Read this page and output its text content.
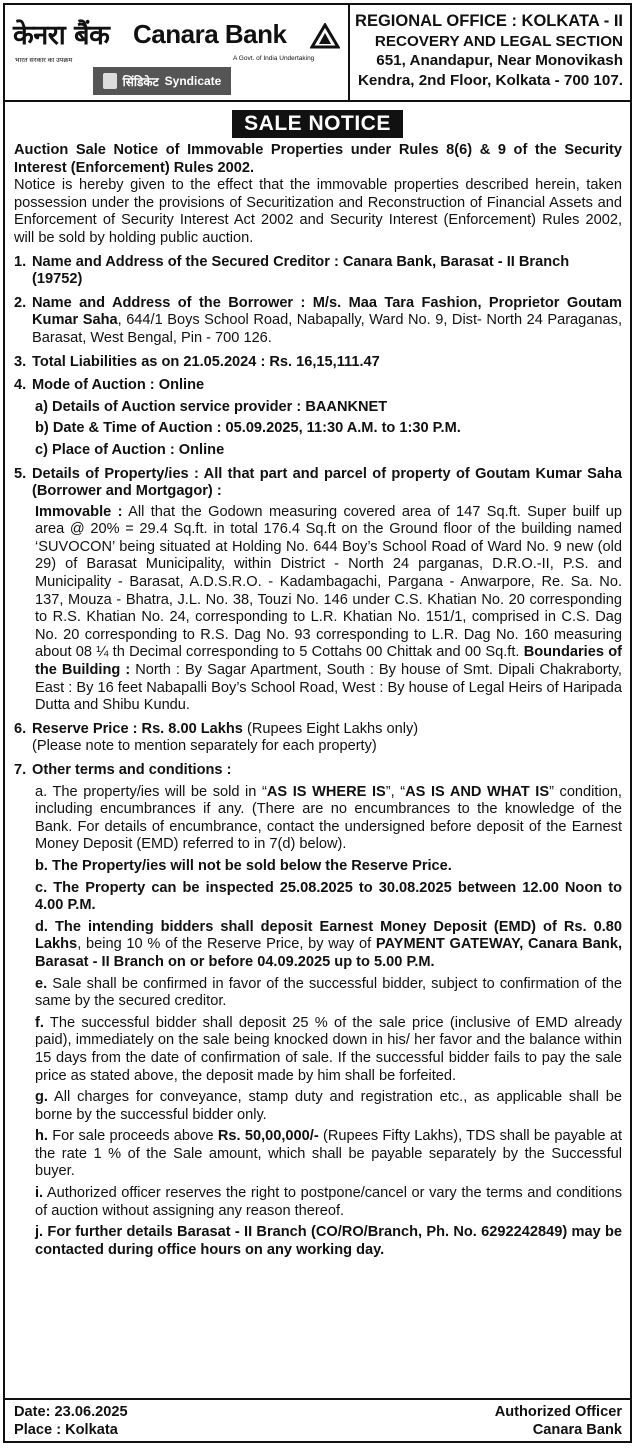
केनरा बैंक Canara Bank
भारत सरकार का उपक्रम	A Govt. of India Undertaking
सिंडिकेट Syndicate
REGIONAL OFFICE : KOLKATA - II
RECOVERY AND LEGAL SECTION
651, Anandapur, Near Monovikash
Kendra, 2nd Floor, Kolkata - 700 107.
SALE NOTICE

Auction Sale Notice of Immovable Properties under Rules 8(6) & 9 of the Security Interest (Enforcement) Rules 2002.

Notice is hereby given to the effect that the immovable properties described herein, taken possession under the provisions of Securitization and Reconstruction of Financial Assets and Enforcement of Security Interest Act 2002 and Security Interest (Enforcement) Rules 2002, will be sold by holding public auction.

1. Name and Address of the Secured Creditor : Canara Bank, Barasat - II Branch (19752)
2. Name and Address of the Borrower : M/s. Maa Tara Fashion, Proprietor Goutam Kumar Saha, 644/1 Boys School Road, Nabapally, Ward No. 9, Dist- North 24 Paraganas, Barasat, West Bengal, Pin - 700 126.
3. Total Liabilities as on 21.05.2024 : Rs. 16,15,111.47
4. Mode of Auction : Online
a) Details of Auction service provider : BAANKNET
b) Date & Time of Auction : 05.09.2025, 11:30 A.M. to 1:30 P.M.
c) Place of Auction : Online
5. Details of Property/ies : All that part and parcel of property of Goutam Kumar Saha (Borrower and Mortgagor) :
Immovable : All that the Godown measuring covered area of 147 Sq.ft. Super builf up area @ 20% = 29.4 Sq.ft. in total 176.4 Sq.ft on the Ground floor of the building named ‘SUVOCON’ being situated at Holding No. 644 Boy’s School Road of Ward No. 9 new (old 29) of Barasat Municipality, within District - North 24 parganas, D.R.O.-II, P.S. and Municipality - Barasat, A.D.S.R.O. - Kadambagachi, Pargana - Anwarpore, Re. Sa. No. 137, Mouza - Bhatra, J.L. No. 38, Touzi No. 146 under C.S. Khatian No. 20 corresponding to R.S. Khatian No. 24, corresponding to L.R. Khatian No. 151/1, comprised in C.S. Dag No. 20 corresponding to R.S. Dag No. 93 corresponding to L.R. Dag No. 160 measuring about 08 ¼ th Decimal corresponding to 5 Cottahs 00 Chittak and 00 Sq.ft. Boundaries of the Building : North : By Sagar Apartment, South : By house of Smt. Dipali Chakraborty, East : By 16 feet Nabapalli Boy’s School Road, West : By house of Legal Heirs of Haripada Dutta and Shibu Kundu.
6. Reserve Price : Rs. 8.00 Lakhs (Rupees Eight Lakhs only)
(Please note to mention separately for each property)
7. Other terms and conditions :
a. The property/ies will be sold in “AS IS WHERE IS”, “AS IS AND WHAT IS” condition, including encumbrances if any. (There are no encumbrances to the knowledge of the Bank. For details of encumbrance, contact the undersigned before deposit of the Earnest Money Deposit (EMD) referred to in 7(d) below).
b. The Property/ies will not be sold below the Reserve Price.
c. The Property can be inspected 25.08.2025 to 30.08.2025 between 12.00 Noon to 4.00 P.M.
d. The intending bidders shall deposit Earnest Money Deposit (EMD) of Rs. 0.80 Lakhs, being 10 % of the Reserve Price, by way of PAYMENT GATEWAY, Canara Bank, Barasat - II Branch on or before 04.09.2025 up to 5.00 P.M.
e. Sale shall be confirmed in favor of the successful bidder, subject to confirmation of the same by the secured creditor.
f. The successful bidder shall deposit 25 % of the sale price (inclusive of EMD already paid), immediately on the sale being knocked down in his/ her favor and the balance within 15 days from the date of confirmation of sale. If the successful bidder fails to pay the sale price as stated above, the deposit made by him shall be forfeited.
g. All charges for conveyance, stamp duty and registration etc., as applicable shall be borne by the successful bidder only.
h. For sale proceeds above Rs. 50,00,000/- (Rupees Fifty Lakhs), TDS shall be payable at the rate 1 % of the Sale amount, which shall be payable separately by the Successful buyer.
i. Authorized officer reserves the right to postpone/cancel or vary the terms and conditions of auction without assigning any reason thereof.
j. For further details Barasat - II Branch (CO/RO/Branch, Ph. No. 6292242849) may be contacted during office hours on any working day.
Date: 23.06.2025
Place : Kolkata
Authorized Officer
Canara Bank
